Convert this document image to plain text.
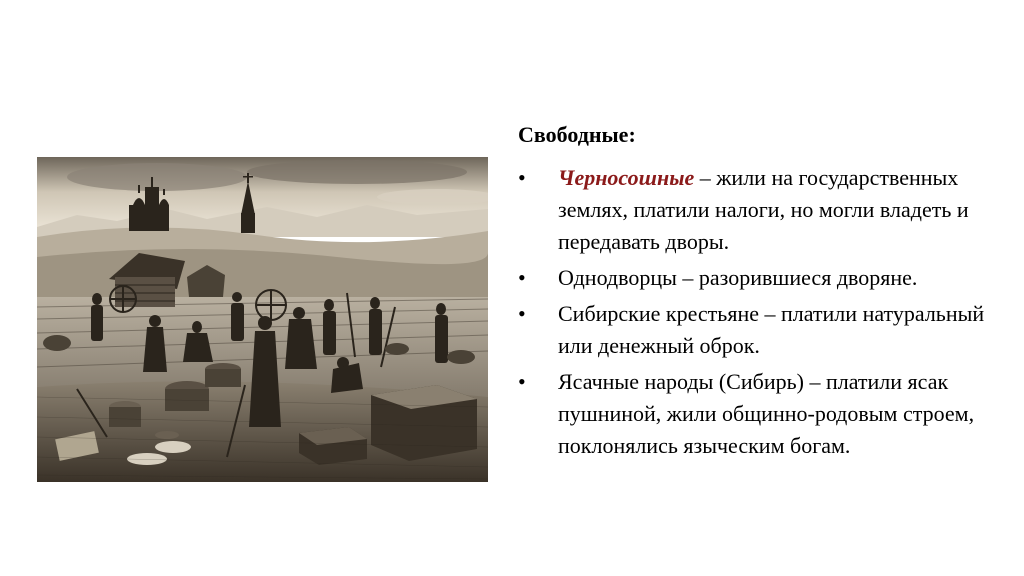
Свободные:

•	Черносошные – жили на государственных землях, платили налоги, но могли владеть и передавать дворы.
•	Однодворцы – разорившиеся дворяне.
•	Сибирские крестьяне – платили натуральный или денежный оброк.
•	Ясачные народы (Сибирь) – платили ясак пушниной, жили общинно-родовым строем, поклонялись языческим богам.
